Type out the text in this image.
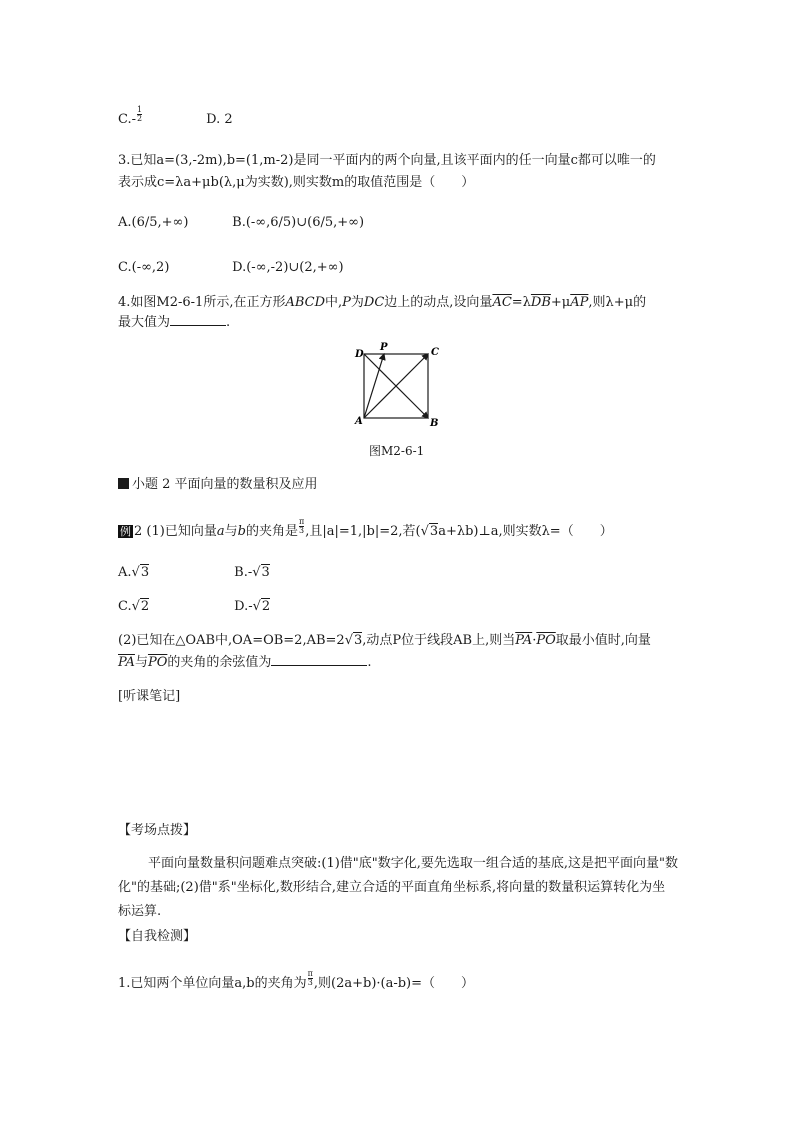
$C.- \frac{1}{2}$	D. 2
3.已知a=(3,-2m),b=(1,m-2)是同一平面内的两个向量,且该平面内的任一向量c都可以唯一的
表示成c=λa+μb(λ,μ为实数),则实数m的取值范围是（　　）
A.(6/5,+∞)	B.(-∞,6/5)∪(6/5,+∞)
C.(-∞,2)	D.(-∞,-2)∪(2,+∞)
4.如图M2-6-1所示,在正方形ABCD中,P为DC边上的动点,设向量$\overline{AC}=\lambda\overline{DB}+\mu\overline{AP}$,则λ+μ的
最大值为	.
D
P	C
A	B
图M2-6-1
小题 2 平面向量的数量积及应用
例 2 (1)已知向量a与b的夹角是 $\frac{\pi}{3}$ ,且|a|=1,|b|=2,若(√3a+λb)⊥a,则实数λ=（　　）
A.√3	B.-√3
C.√2	D.-√2
(2)已知在△OAB中,OA=OB=2,AB=2√3,动点P位于线段AB上,则当$\overline{PA}\cdot\overline{PO}$取最小值时,向量
$\overline{PA}$与$\overline{PO}$的夹角的余弦值为	.
[听课笔记]
【考场点拨】
平面向量数量积问题难点突破:(1)借"底"数字化,要先选取一组合适的基底,这是把平面向量"数化"的基础;(2)借"系"坐标化,数形结合,建立合适的平面直角坐标系,将向量的数量积运算转化为坐标运算.
【自我检测】
1.已知两个单位向量a,b的夹角为 $\frac{\pi}{3}$ ,则(2a+b)·(a-b)=（　　）
